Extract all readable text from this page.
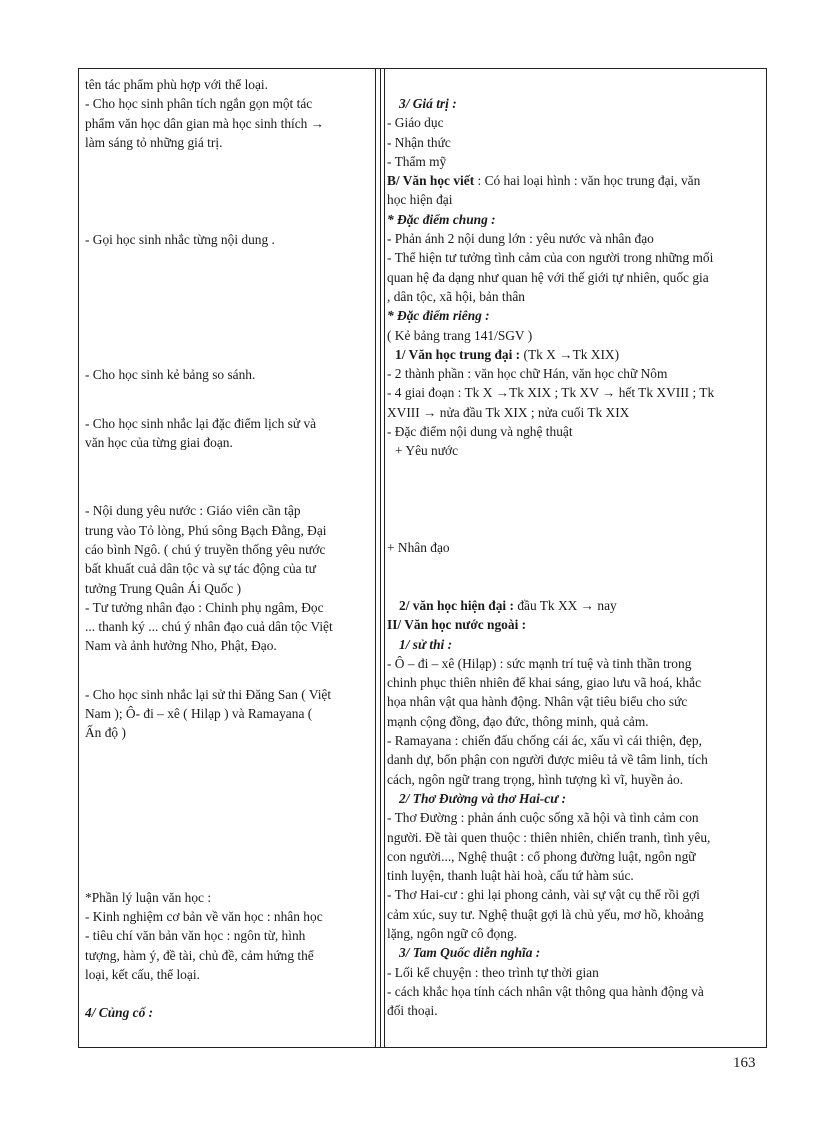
tên tác phẩm phù hợp với thể loại.
- Cho học sinh phân tích ngắn gọn một tác
phẩm văn học dân gian mà học sinh thích →
làm sáng tỏ những giá trị.
- Gọi học sinh nhắc từng nội dung .
- Cho học sinh kẻ bảng so sánh.
- Cho học sinh nhắc lại đặc điểm lịch sử và
văn học của từng giai đoạn.
- Nội dung yêu nước : Giáo viên cần tập
trung vào Tỏ lòng, Phú sông Bạch Đằng, Đại
cáo bình Ngô. ( chú ý truyền thống yêu nước
bất khuất cuả dân tộc và sự tác động của tư
tưởng Trung Quân Ái Quốc )
- Tư tưởng nhân đạo : Chinh phụ ngâm, Đọc
... thanh ký ... chú ý nhân đạo cuả dân tộc Việt
Nam và ảnh hưởng Nho, Phật, Đạo.
- Cho học sinh nhắc lại sử thi Đăng San ( Việt
Nam ); Ô- đi – xê ( Hilạp ) và Ramayana (
Ấn độ )
*Phần lý luận văn học :
- Kinh nghiệm cơ bản về văn học : nhân học
- tiêu chí văn bản văn học : ngôn từ, hình
tượng, hàm ý, đề tài, chủ đề, cảm hứng thể
loại, kết cấu, thể loại.
4/ Củng cố :
3/ Giá trị :
- Giáo dục
- Nhận thức
- Thẩm mỹ
B/ Văn học viết : Có hai loại hình : văn học trung đại, văn
học hiện đại
* Đặc điểm chung :
- Phản ánh 2 nội dung lớn : yêu nước và nhân đạo
- Thể hiện tư tưởng tình cảm của con người trong những mối
quan hệ đa dạng như quan hệ với thế giới tự nhiên, quốc gia
, dân tộc, xã hội, bản thân
* Đặc điểm riêng :
( Kẻ bảng trang 141/SGV )
1/ Văn học trung đại : (Tk X →Tk XIX)
- 2 thành phần : văn học chữ Hán, văn học chữ Nôm
- 4 giai đoạn : Tk X →Tk XIX ; Tk XV → hết Tk XVIII ; Tk
XVIII → nửa đầu Tk XIX ; nửa cuối Tk XIX
- Đặc điểm nội dung và nghệ thuật
+ Yêu nước
+ Nhân đạo
2/ văn học hiện đại : đầu Tk XX → nay
II/ Văn học nước ngoài :
1/ sử thi :
- Ô – đi – xê (Hilạp) : sức mạnh trí tuệ và tinh thần trong
chinh phục thiên nhiên để khai sáng, giao lưu vã hoá, khắc
họa nhân vật qua hành động. Nhân vật tiêu biểu cho sức
mạnh cộng đồng, đạo đức, thông minh, quả cảm.
- Ramayana : chiến đấu chống cái ác, xấu vì cái thiện, đẹp,
danh dự, bổn phận con người được miêu tả về tâm linh, tích
cách, ngôn ngữ trang trọng, hình tượng kì vĩ, huyền ảo.
2/ Thơ Đường và thơ Hai-cư :
- Thơ Đường : phản ánh cuộc sống xã hội và tình cảm con
người. Đề tài quen thuộc : thiên nhiên, chiến tranh, tình yêu,
con người..., Nghệ thuật : cổ phong đường luật, ngôn ngữ
tinh luyện, thanh luật hài hoà, cấu tứ hàm súc.
- Thơ Hai-cư : ghi lại phong cảnh, vài sự vật cụ thể rồi gợi
cảm xúc, suy tư. Nghệ thuật gợi là chủ yếu, mơ hồ, khoảng
lặng, ngôn ngữ cô đọng.
3/ Tam Quốc diễn nghĩa :
- Lối kể chuyện : theo trình tự thời gian
- cách khắc họa tính cách nhân vật thông qua hành động và
đối thoại.
163
